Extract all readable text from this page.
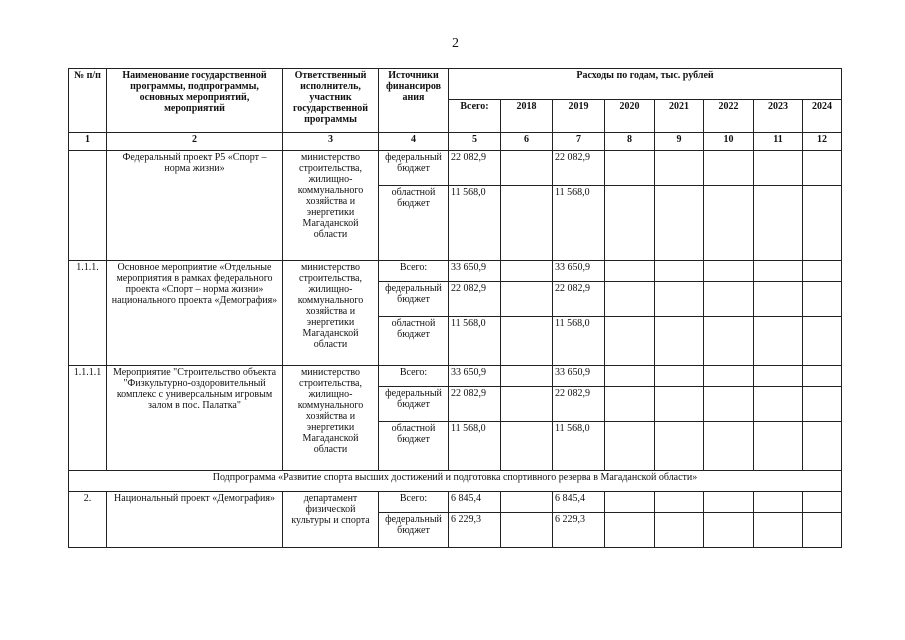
2
№ п/п	Наименование государственной программы, подпрограммы, основных мероприятий, мероприятий	Ответственный исполнитель, участник государственной программы	Источники финансиров ания	Расходы по годам, тыс. рублей							
				Всего:	2018	2019	2020	2021	2022	2023	2024
1	2	3	4	5	6	7	8	9	10	11	12
	Федеральный проект Р5 «Спорт – норма жизни»	министерство строительства, жилищно-коммунального хозяйства и энергетики Магаданской области	федеральный бюджет	22 082,9		22 082,9					
			областной бюджет	11 568,0		11 568,0					
1.1.1.	Основное мероприятие «Отдельные мероприятия в рамках федерального проекта «Спорт – норма жизни» национального проекта «Демография»	министерство строительства, жилищно-коммунального хозяйства и энергетики Магаданской области	Всего:	33 650,9		33 650,9					
			федеральный бюджет	22 082,9		22 082,9					
			областной бюджет	11 568,0		11 568,0					
1.1.1.1	Мероприятие "Строительство объекта "Физкультурно-оздоровительный комплекс с универсальным игровым залом в пос. Палатка"	министерство строительства, жилищно-коммунального хозяйства и энергетики Магаданской области	Всего:	33 650,9		33 650,9					
			федеральный бюджет	22 082,9		22 082,9					
			областной бюджет	11 568,0		11 568,0					
Подпрограмма «Развитие спорта высших достижений и подготовка спортивного резерва в Магаданской области»											
2.	Национальный проект «Демография»	департамент физической культуры и спорта	Всего:	6 845,4		6 845,4					
			федеральный бюджет	6 229,3		6 229,3					
